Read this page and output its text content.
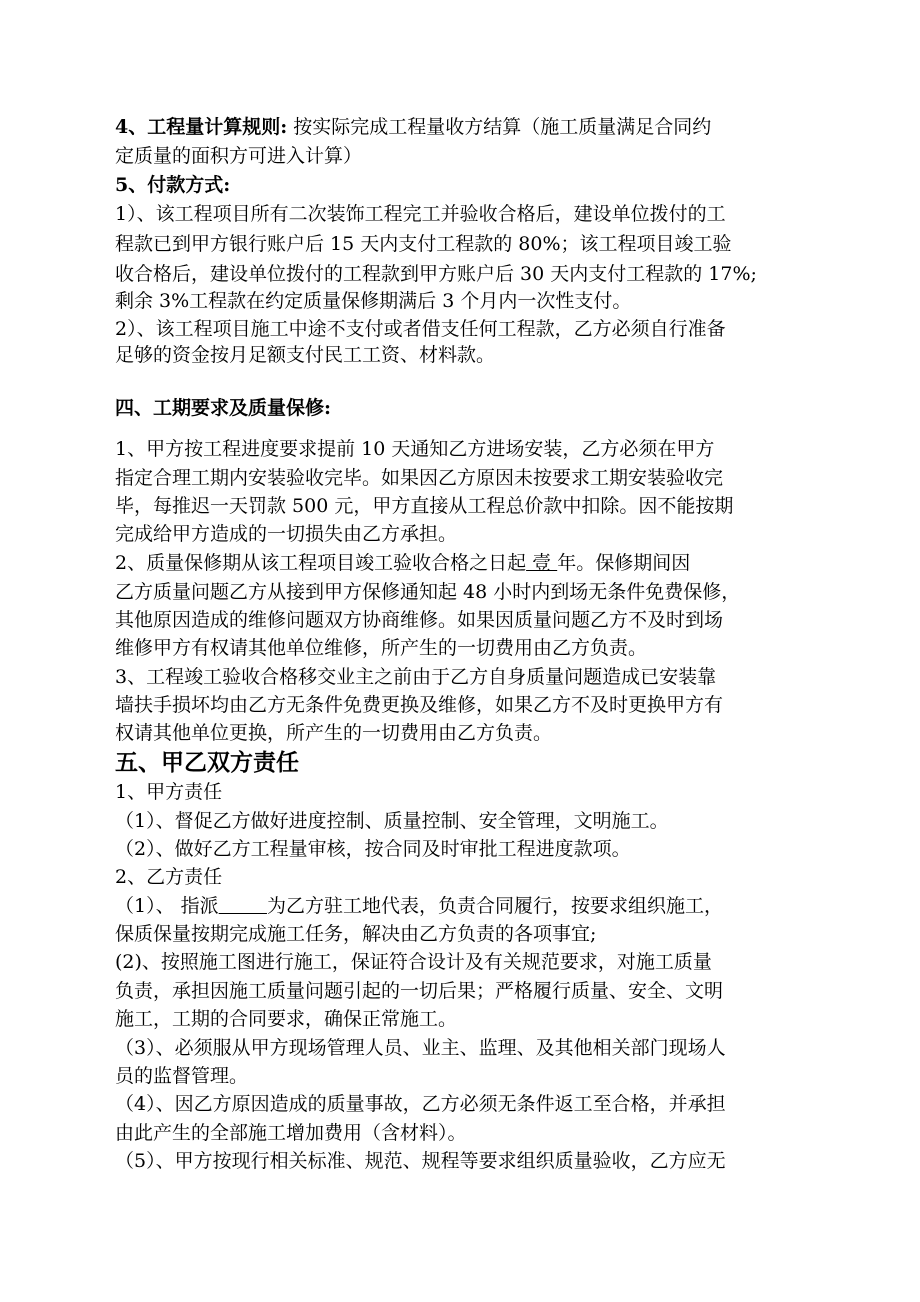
4、工程量计算规则: 按实际完成工程量收方结算（施工质量满足合同约
定质量的面积方可进入计算）
5、付款方式:
1）、该工程项目所有二次装饰工程完工并验收合格后，建设单位拨付的工
程款已到甲方银行账户后 15 天内支付工程款的 80%；该工程项目竣工验
收合格后，建设单位拨付的工程款到甲方账户后 30 天内支付工程款的 17%;
剩余 3%工程款在约定质量保修期满后 3 个月内一次性支付。
2）、该工程项目施工中途不支付或者借支任何工程款，乙方必须自行准备
足够的资金按月足额支付民工工资、材料款。
四、工期要求及质量保修:
1、甲方按工程进度要求提前 10 天通知乙方进场安装，乙方必须在甲方
指定合理工期内安装验收完毕。如果因乙方原因未按要求工期安装验收完
毕，每推迟一天罚款 500 元，甲方直接从工程总价款中扣除。因不能按期
完成给甲方造成的一切损失由乙方承担。
2、质量保修期从该工程项目竣工验收合格之日起 壹 年。保修期间因
乙方质量问题乙方从接到甲方保修通知起 48 小时内到场无条件免费保修，
其他原因造成的维修问题双方协商维修。如果因质量问题乙方不及时到场
维修甲方有权请其他单位维修，所产生的一切费用由乙方负责。
3、工程竣工验收合格移交业主之前由于乙方自身质量问题造成已安装靠
墙扶手损坏均由乙方无条件免费更换及维修，如果乙方不及时更换甲方有
权请其他单位更换，所产生的一切费用由乙方负责。
五、甲乙双方责任
1、甲方责任
（1）、督促乙方做好进度控制、质量控制、安全管理，文明施工。
（2）、做好乙方工程量审核，按合同及时审批工程进度款项。
2、乙方责任
（1）、 指派	为乙方驻工地代表，负责合同履行，按要求组织施工，
保质保量按期完成施工任务，解决由乙方负责的各项事宜;
(2)、按照施工图进行施工，保证符合设计及有关规范要求，对施工质量
负责，承担因施工质量问题引起的一切后果；严格履行质量、安全、文明
施工，工期的合同要求，确保正常施工。
（3）、必须服从甲方现场管理人员、业主、监理、及其他相关部门现场人
员的监督管理。
（4）、因乙方原因造成的质量事故，乙方必须无条件返工至合格，并承担
由此产生的全部施工增加费用（含材料）。
（5）、甲方按现行相关标准、规范、规程等要求组织质量验收，乙方应无
